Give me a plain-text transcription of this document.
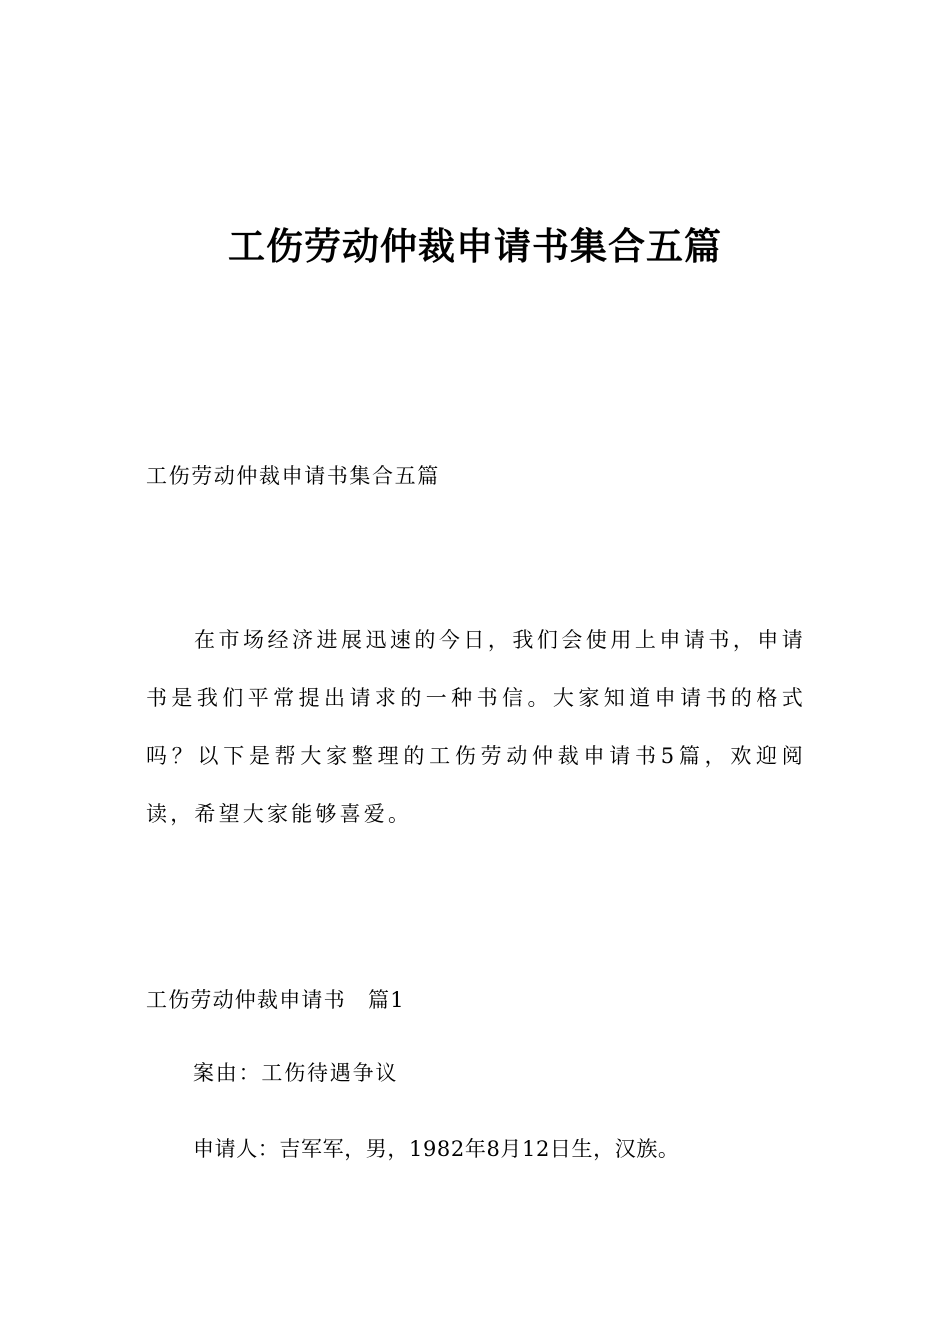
工伤劳动仲裁申请书集合五篇

工伤劳动仲裁申请书集合五篇

在市场经济进展迅速的今日，我们会使用上申请书，申请书是我们平常提出请求的一种书信。大家知道申请书的格式吗？以下是帮大家整理的工伤劳动仲裁申请书5篇，欢迎阅读，希望大家能够喜爱。

工伤劳动仲裁申请书　篇1

案由：工伤待遇争议

申请人：吉军军，男，1982年8月12日生，汉族。
